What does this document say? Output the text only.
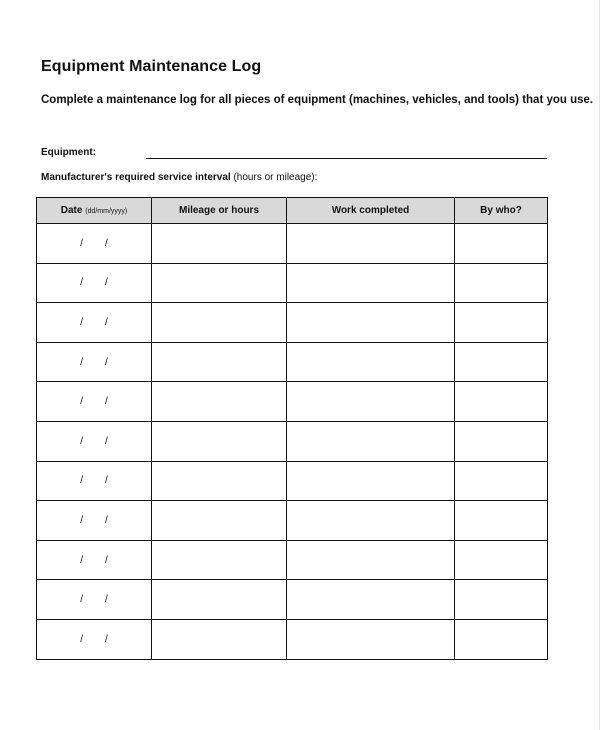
Equipment Maintenance Log
Complete a maintenance log for all pieces of equipment (machines, vehicles, and tools) that you use.
Equipment:
Manufacturer's required service interval (hours or mileage):
Date (dd/mm/yyyy)	Mileage or hours	Work completed	By who?
/ /			
/ /			
/ /			
/ /			
/ /			
/ /			
/ /			
/ /			
/ /			
/ /			
/ /			
